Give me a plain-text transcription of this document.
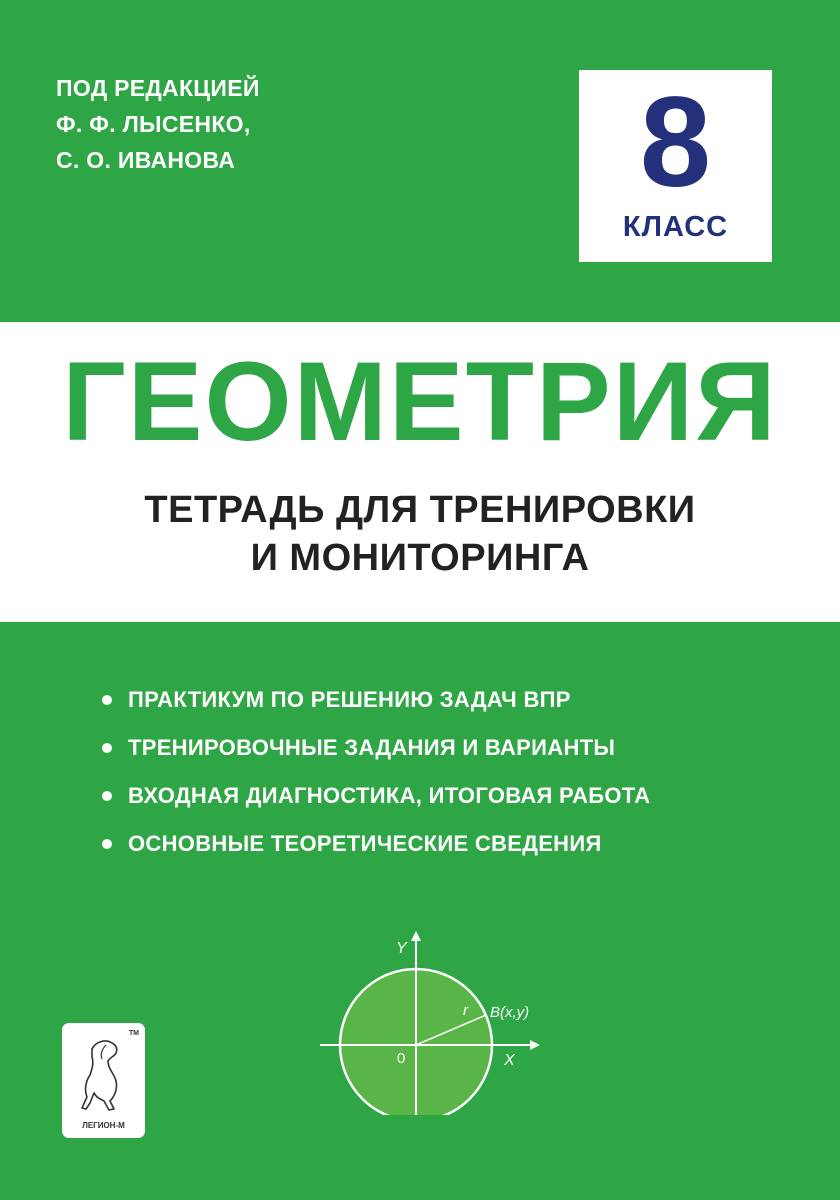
ПОД РЕДАКЦИЕЙ
Ф. Ф. ЛЫСЕНКО,
С. О. ИВАНОВА	8
КЛАСС
ГЕОМЕТРИЯ
ТЕТРАДЬ ДЛЯ ТРЕНИРОВКИ
И МОНИТОРИНГА
ПРАКТИКУМ ПО РЕШЕНИЮ ЗАДАЧ ВПР
ТРЕНИРОВОЧНЫЕ ЗАДАНИЯ И ВАРИАНТЫ
ВХОДНАЯ ДИАГНОСТИКА, ИТОГОВАЯ РАБОТА
ОСНОВНЫЕ ТЕОРЕТИЧЕСКИЕ СВЕДЕНИЯ
Y
X
0
r B(x,y)
TM
ЛЕГИОН-М
